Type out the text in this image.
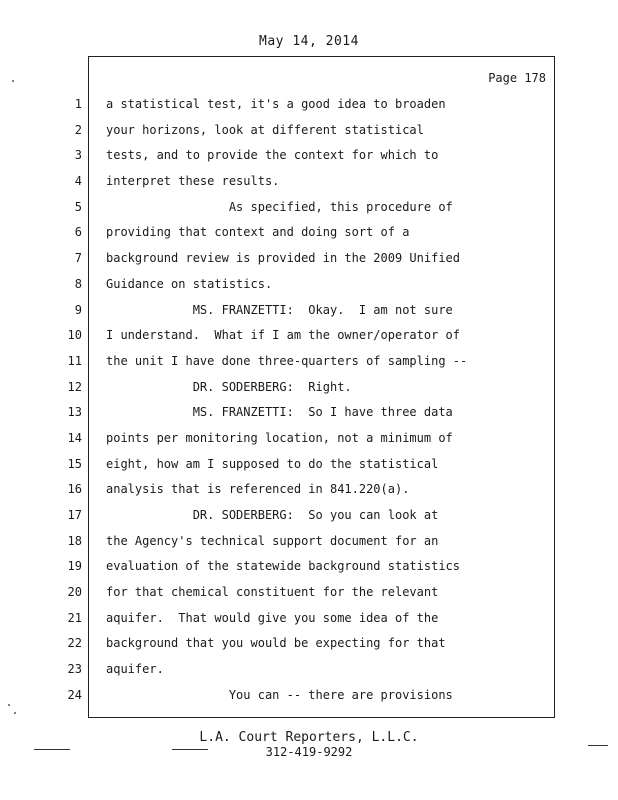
May 14, 2014
Page 178
1
2
3
4
5
6
7
8
9
10
11
12
13
14
15
16
17
18
19
20
21
22
23
24
a statistical test, it's a good idea to broaden
your horizons, look at different statistical
tests, and to provide the context for which to
interpret these results.
As specified, this procedure of
providing that context and doing sort of a
background review is provided in the 2009 Unified
Guidance on statistics.
MS. FRANZETTI:  Okay.  I am not sure
I understand.  What if I am the owner/operator of
the unit I have done three-quarters of sampling --
DR. SODERBERG:  Right.
MS. FRANZETTI:  So I have three data
points per monitoring location, not a minimum of
eight, how am I supposed to do the statistical
analysis that is referenced in 841.220(a).
DR. SODERBERG:  So you can look at
the Agency's technical support document for an
evaluation of the statewide background statistics
for that chemical constituent for the relevant
aquifer.  That would give you some idea of the
background that you would be expecting for that
aquifer.
You can -- there are provisions
L.A. Court Reporters, L.L.C.
312-419-9292
